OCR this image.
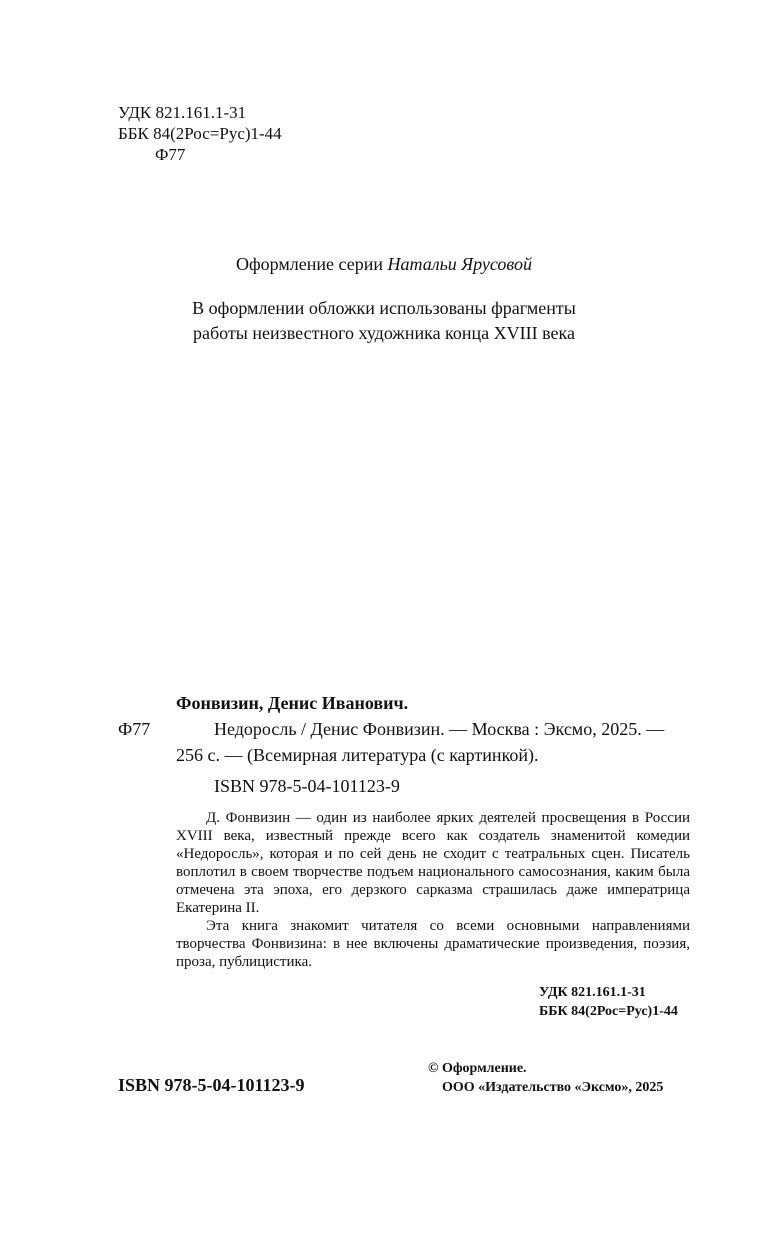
УДК 821.161.1-31
ББК 84(2Рос=Рус)1-44
Ф77
Оформление серии Натальи Ярусовой
В оформлении обложки использованы фрагменты
работы неизвестного художника конца XVIII века
Фонвизин, Денис Иванович.
Ф77	Недоросль / Денис Фонвизин. — Москва : Эксмо, 2025. —
256 с. — (Всемирная литература (с картинкой).
ISBN 978-5-04-101123-9

Д. Фонвизин — один из наиболее ярких деятелей просвещения в России XVIII века, известный прежде всего как создатель знаменитой комедии «Недоросль», которая и по сей день не сходит с театральных сцен. Писатель воплотил в своем творчестве подъем национального самосознания, каким была отмечена эта эпоха, его дерзкого сарказма страшилась даже императрица Екатерина II.

Эта книга знакомит читателя со всеми основными направлениями творчества Фонвизина: в нее включены драматические произведения, поэзия, проза, публицистика.

УДК 821.161.1-31
ББК 84(2Рос=Рус)1-44
ISBN 978-5-04-101123-9
© Оформление.
ООО «Издательство «Эксмо», 2025
